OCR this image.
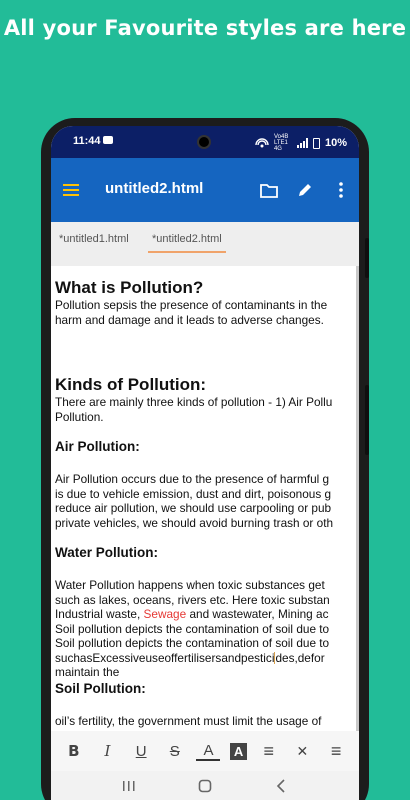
All your Favourite styles are here
11:44	Vo4B LTE1 4G	10%
untitled2.html
*untitled1.html	*untitled2.html
What is Pollution?
Pollution sepsis the presence of contaminants in the
harm and damage and it leads to adverse changes.
Kinds of Pollution:
There are mainly three kinds of pollution - 1) Air Pollu
Pollution.
Air Pollution:
Air Pollution occurs due to the presence of harmful g
is due to vehicle emission, dust and dirt, poisonous g
reduce air pollution, we should use carpooling or pub
private vehicles, we should avoid burning trash or oth
Water Pollution:
Water Pollution happens when toxic substances get
such as lakes, oceans, rivers etc. Here toxic substan
Industrial waste, Sewage and wastewater, Mining ac
Soil pollution depicts the contamination of soil due to
Soil pollution depicts the contamination of soil due to
suchasExcessiveuseoffertilisersandpesticides,defor
maintain the
Soil Pollution:
oil’s fertility, the government must limit the usage of
B	I	U	S	A	A	≡	✕	≡
